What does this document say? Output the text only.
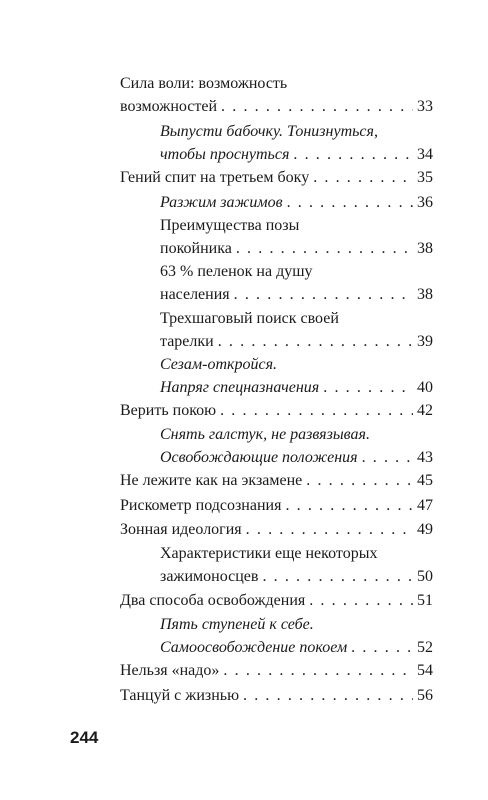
Сила воли: возможность
возможностей . . .	33
Выпусти бабочку. Тонизнуться,
чтобы проснуться . . .	34
Гений спит на третьем боку . . .	35
Разжим зажимов . . .	36
Преимущества позы
покойника . . .	38
63 % пеленок на душу
населения . . .	38
Трехшаговый поиск своей
тарелки . . .	39
Сезам-откройся.
Напряг спецназначения . . .	40
Верить покою . . .	42
Снять галстук, не развязывая.
Освобождающие положения . . .	43
Не лежите как на экзамене . . .	45
Рискометр подсознания . . .	47
Зонная идеология . . .	49
Характеристики еще некоторых
зажимоносцев . . .	50
Два способа освобождения . . .	51
Пять ступеней к себе.
Самоосвобождение покоем . . .	52
Нельзя «надо» . . .	54
Танцуй с жизнью . . .	56
244
